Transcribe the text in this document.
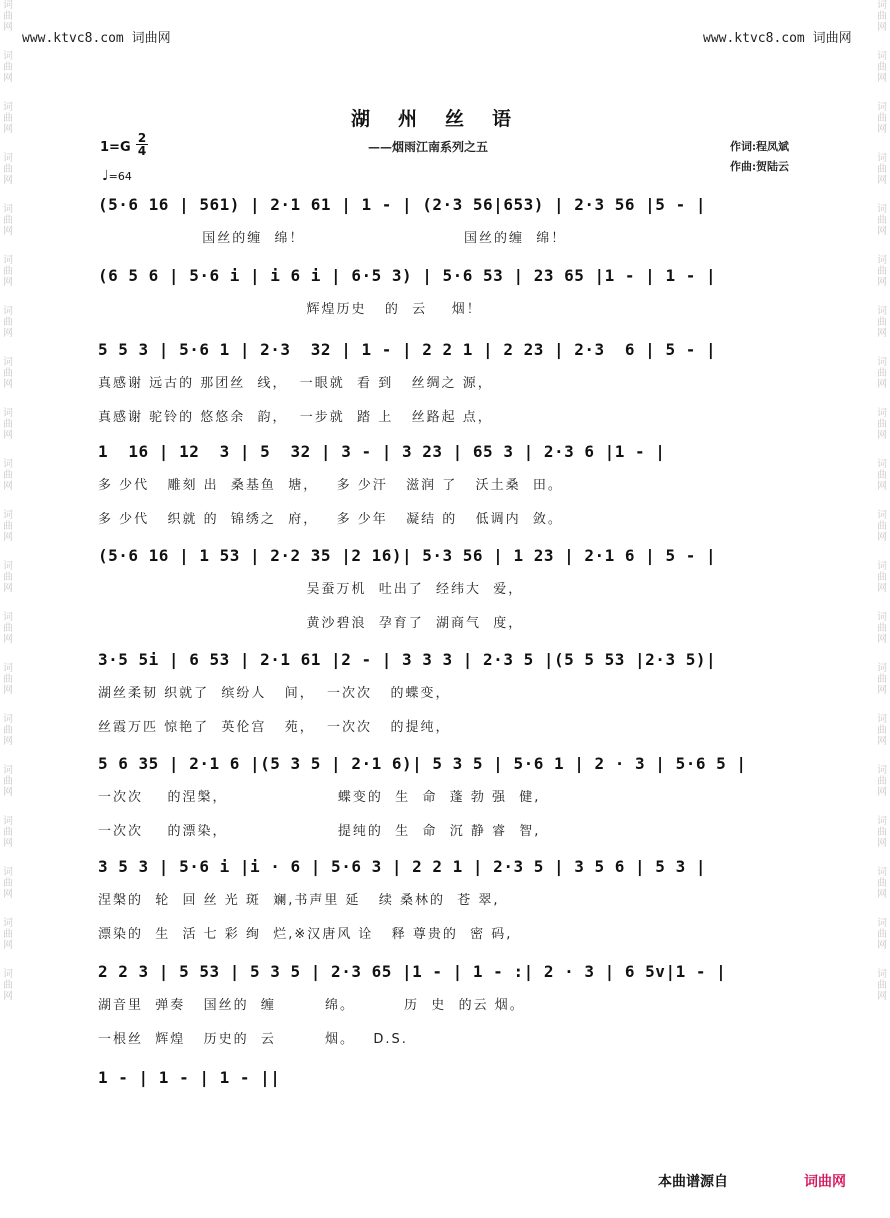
词曲网
词曲网
词曲网
词曲网
词曲网
词曲网
词曲网
词曲网
词曲网
词曲网
词曲网
词曲网
词曲网
词曲网
词曲网
词曲网
词曲网
词曲网
词曲网
词曲网
词曲网
词曲网
词曲网
词曲网
词曲网
词曲网
词曲网
词曲网
词曲网
词曲网
词曲网
词曲网
词曲网
词曲网
词曲网
词曲网
词曲网
词曲网
词曲网
词曲网
www.ktvc8.com 词曲网	www.ktvc8.com 词曲网
湖州丝语
——烟雨江南系列之五	作词:程凤斌
作曲:贺陆云
1=G
2
4
♩=64
(5·6 16 | 561) | 2·1 61 | 1 - | (2·3 56|653) | 2·3 56 |5 - |
国丝的缠  绵！                          国丝的缠  绵！
(6 5 6 | 5·6 i | i 6 i | 6·5 3) | 5·6 53 | 23 65 |1 - | 1 - |
辉煌历史   的  云    烟！
5 5 3 | 5·6 1 | 2·3  32 | 1 - | 2 2 1 | 2 23 | 2·3  6 | 5 - |
真感谢 远古的 那团丝  线，  一眼就  看 到   丝绸之 源，
真感谢 驼铃的 悠悠余  韵，  一步就  踏 上   丝路起 点，
1  16 | 12  3 | 5  32 | 3 - | 3 23 | 65 3 | 2·3 6 |1 - |
多 少代   雕刻 出  桑基鱼  塘，   多 少汗   滋润 了   沃土桑  田。
多 少代   织就 的  锦绣之  府，   多 少年   凝结 的   低调内  敛。
(5·6 16 | 1 53 | 2·2 35 |2 16)| 5·3 56 | 1 23 | 2·1 6 | 5 - |
吴蚕万机  吐出了  经纬大  爱，
黄沙碧浪  孕育了  湖商气  度，
3·5 5i | 6 53 | 2·1 61 |2 - | 3 3 3 | 2·3 5 |(5 5 53 |2·3 5)|
湖丝柔韧 织就了  缤纷人   间，  一次次   的蝶变，
丝霞万匹 惊艳了  英伦宫   苑，  一次次   的提纯，
5 6 35 | 2·1 6 |(5 3 5 | 2·1 6)| 5 3 5 | 5·6 1 | 2 · 3 | 5·6 5 |
一次次    的涅槃，                  蝶变的  生  命  蓬 勃 强  健,
一次次    的漂染，                  提纯的  生  命  沉 静 睿  智,
3 5 3 | 5·6 i |i · 6 | 5·6 3 | 2 2 1 | 2·3 5 | 3 5 6 | 5 3 |
涅槃的  轮  回 丝 光 斑  斓,书声里 延   续 桑林的  苍 翠,
漂染的  生  活 七 彩 绚  烂,※汉唐风 诠   释 尊贵的  密 码,
2 2 3 | 5 53 | 5 3 5 | 2·3 65 |1 - | 1 - :| 2 · 3 | 6 5v|1 - |
湖音里  弹奏   国丝的  缠        绵。        历  史  的云 烟。
一根丝  辉煌   历史的  云        烟。   D.S.
1 - | 1 - | 1 - ||
本曲谱源自	词曲网
